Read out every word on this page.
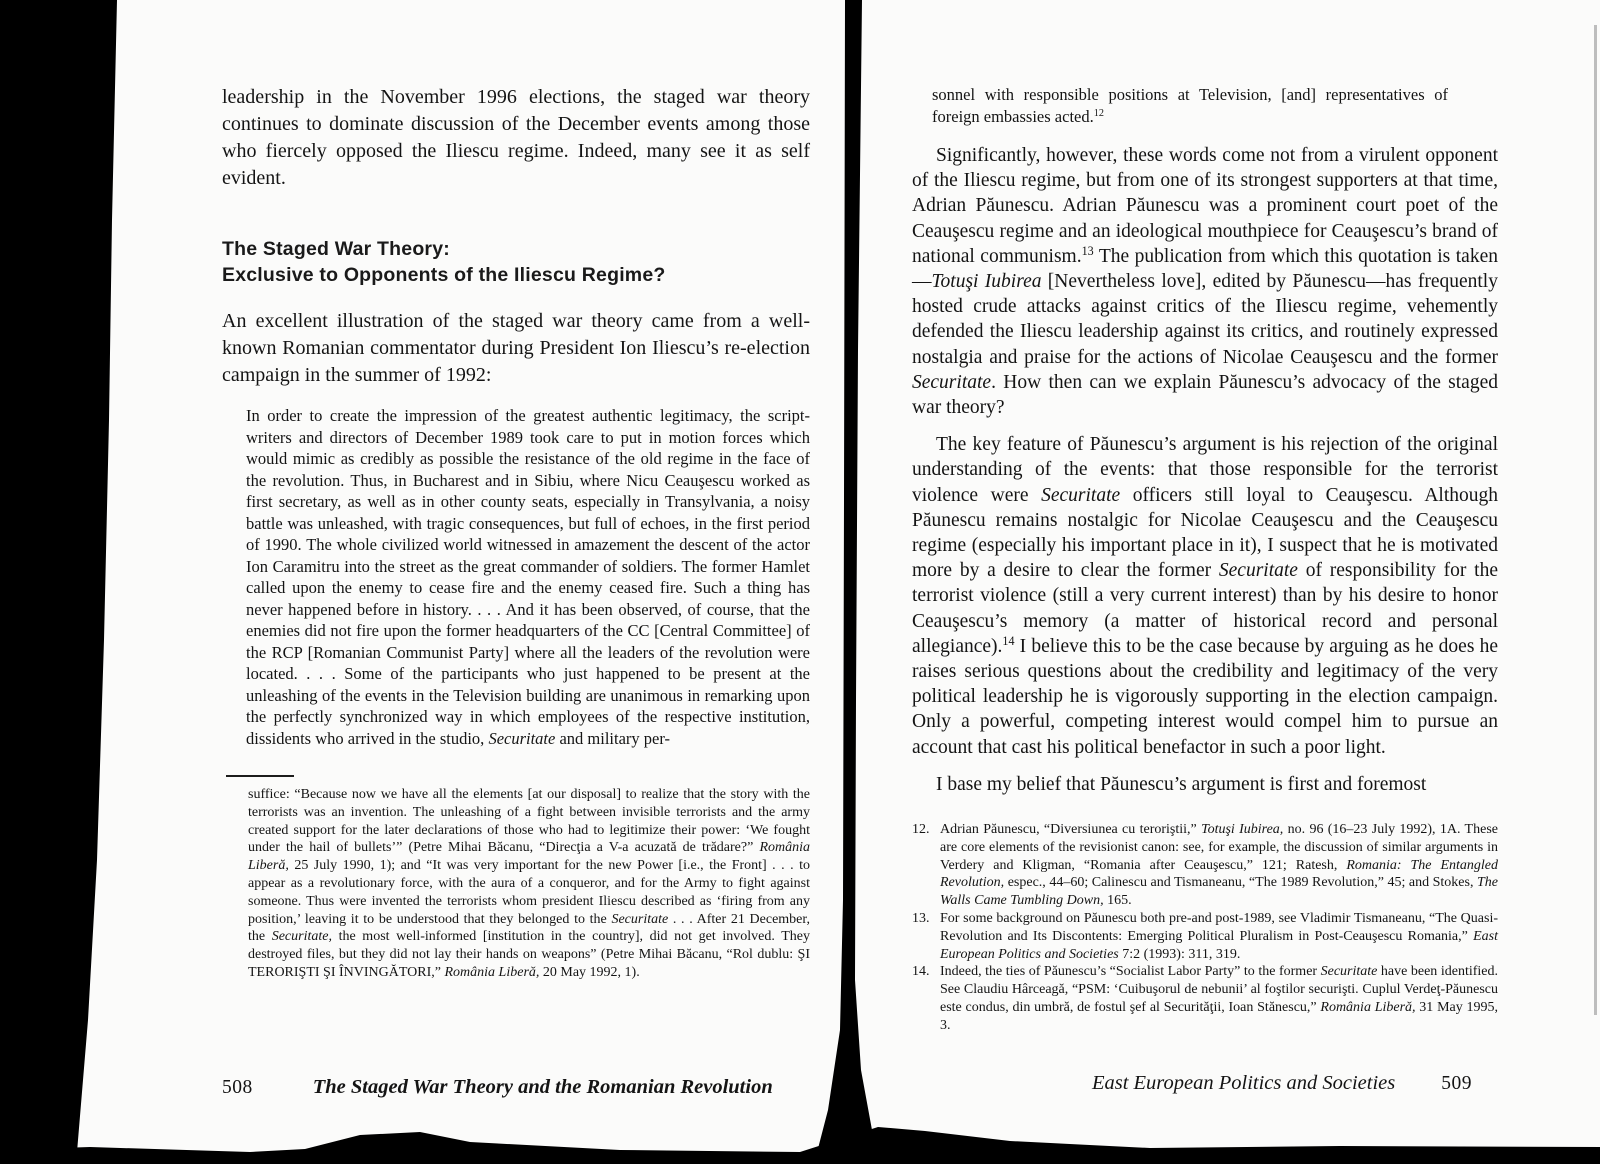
leadership in the November 1996 elections, the staged war theory continues to dominate discussion of the December events among those who fiercely opposed the Iliescu regime. Indeed, many see it as self evident.

The Staged War Theory:
Exclusive to Opponents of the Iliescu Regime?

An excellent illustration of the staged war theory came from a well-known Romanian commentator during President Ion Iliescu’s re-election campaign in the summer of 1992:

In order to create the impression of the greatest authentic legitimacy, the script-writers and directors of December 1989 took care to put in motion forces which would mimic as credibly as possible the resistance of the old regime in the face of the revolution. Thus, in Bucharest and in Sibiu, where Nicu Ceauşescu worked as first secretary, as well as in other county seats, especially in Transylvania, a noisy battle was unleashed, with tragic consequences, but full of echoes, in the first period of 1990. The whole civilized world witnessed in amazement the descent of the actor Ion Caramitru into the street as the great commander of soldiers. The former Hamlet called upon the enemy to cease fire and the enemy ceased fire. Such a thing has never happened before in history. . . . And it has been observed, of course, that the enemies did not fire upon the former headquarters of the CC [Central Committee] of the RCP [Romanian Communist Party] where all the leaders of the revolution were located. . . . Some of the participants who just happened to be present at the unleashing of the events in the Television building are unanimous in remarking upon the perfectly synchronized way in which employees of the respective institution, dissidents who arrived in the studio, Securitate and military per-

suffice: “Because now we have all the elements [at our disposal] to realize that the story with the terrorists was an invention. The unleashing of a fight between invisible terrorists and the army created support for the later declarations of those who had to legitimize their power: ‘We fought under the hail of bullets’” (Petre Mihai Băcanu, “Direcţia a V-a acuzată de trădare?” România Liberă, 25 July 1990, 1); and “It was very important for the new Power [i.e., the Front] . . . to appear as a revolutionary force, with the aura of a conqueror, and for the Army to fight against someone. Thus were invented the terrorists whom president Iliescu described as ‘firing from any position,’ leaving it to be understood that they belonged to the Securitate . . . After 21 December, the Securitate, the most well-informed [institution in the country], did not get involved. They destroyed files, but they did not lay their hands on weapons” (Petre Mihai Băcanu, “Rol dublu: ŞI TERORIŞTI ŞI ÎNVINGĂTORI,” România Liberă, 20 May 1992, 1).

508	The Staged War Theory and the Romanian Revolution

sonnel with responsible positions at Television, [and] representatives of foreign embassies acted.$^{12}$

Significantly, however, these words come not from a virulent opponent of the Iliescu regime, but from one of its strongest supporters at that time, Adrian Păunescu. Adrian Păunescu was a prominent court poet of the Ceauşescu regime and an ideological mouthpiece for Ceauşescu’s brand of national communism.$^{13}$ The publication from which this quotation is taken—Totuşi Iubirea [Nevertheless love], edited by Păunescu—has frequently hosted crude attacks against critics of the Iliescu regime, vehemently defended the Iliescu leadership against its critics, and routinely expressed nostalgia and praise for the actions of Nicolae Ceauşescu and the former Securitate. How then can we explain Păunescu’s advocacy of the staged war theory?

The key feature of Păunescu’s argument is his rejection of the original understanding of the events: that those responsible for the terrorist violence were Securitate officers still loyal to Ceauşescu. Although Păunescu remains nostalgic for Nicolae Ceauşescu and the Ceauşescu regime (especially his important place in it), I suspect that he is motivated more by a desire to clear the former Securitate of responsibility for the terrorist violence (still a very current interest) than by his desire to honor Ceauşescu’s memory (a matter of historical record and personal allegiance).$^{14}$ I believe this to be the case because by arguing as he does he raises serious questions about the credibility and legitimacy of the very political leadership he is vigorously supporting in the election campaign. Only a powerful, competing interest would compel him to pursue an account that cast his political benefactor in such a poor light.

I base my belief that Păunescu’s argument is first and foremost

12. Adrian Păunescu, “Diversiunea cu teroriştii,” Totuşi Iubirea, no. 96 (16–23 July 1992), 1A. These are core elements of the revisionist canon: see, for example, the discussion of similar arguments in Verdery and Kligman, “Romania after Ceauşescu,” 121; Ratesh, Romania: The Entangled Revolution, espec., 44–60; Calinescu and Tismaneanu, “The 1989 Revolution,” 45; and Stokes, The Walls Came Tumbling Down, 165.

13. For some background on Păunescu both pre-and post-1989, see Vladimir Tismaneanu, “The Quasi-Revolution and Its Discontents: Emerging Political Pluralism in Post-Ceauşescu Romania,” East European Politics and Societies 7:2 (1993): 311, 319.

14. Indeed, the ties of Păunescu’s “Socialist Labor Party” to the former Securitate have been identified. See Claudiu Hârceagă, “PSM: ‘Cuibuşorul de nebunii’ al foştilor securişti. Cuplul Verdeţ-Păunescu este condus, din umbră, de fostul şef al Securităţii, Ioan Stănescu,” România Liberă, 31 May 1995, 3.

East European Politics and Societies 509
